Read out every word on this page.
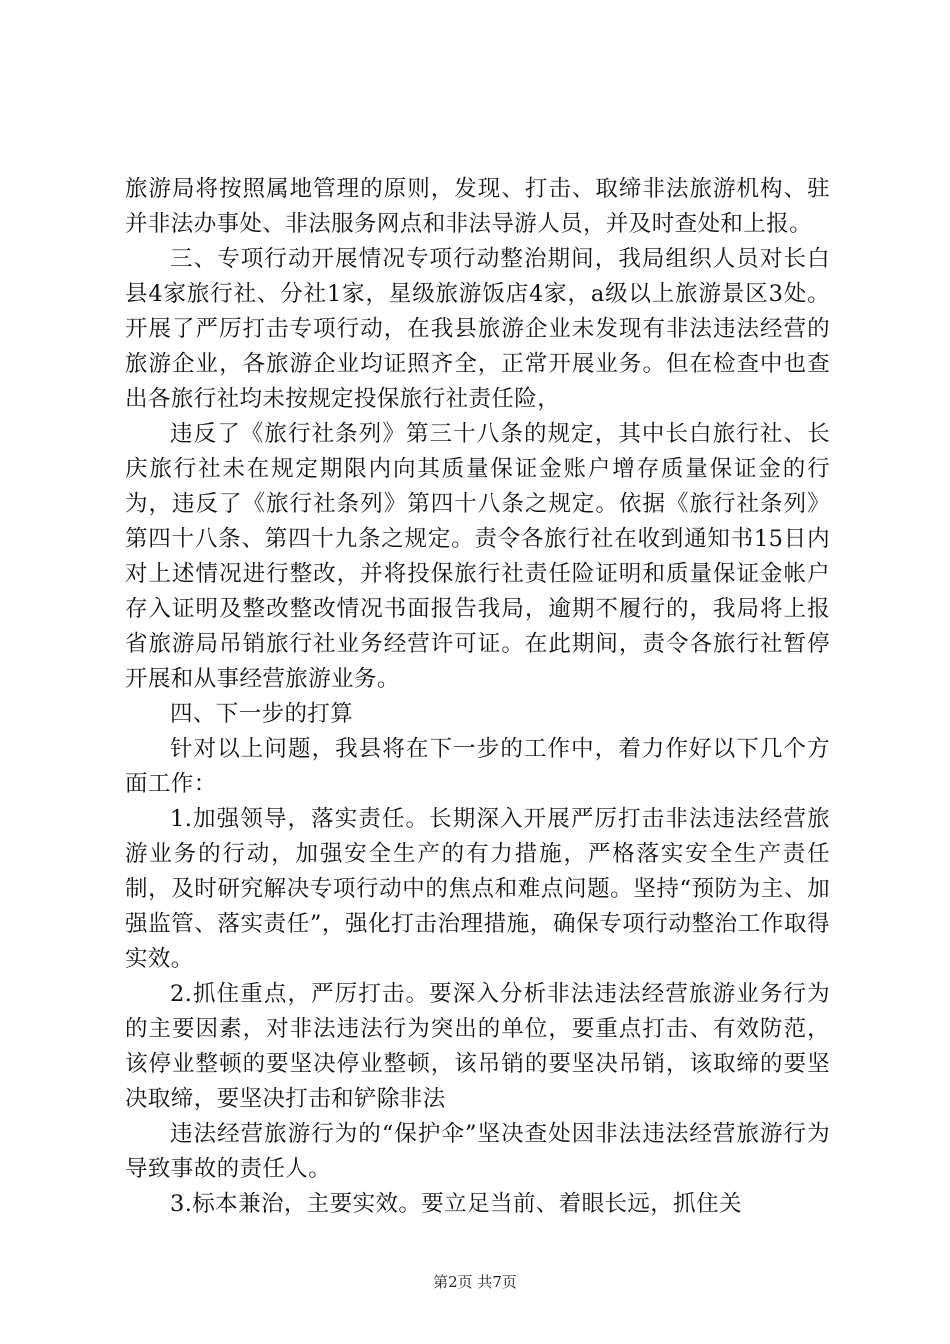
旅游局将按照属地管理的原则，发现、打击、取缔非法旅游机构、驻并非法办事处、非法服务网点和非法导游人员，并及时查处和上报。

三、专项行动开展情况专项行动整治期间，我局组织人员对长白县4家旅行社、分社1家，星级旅游饭店4家，a级以上旅游景区3处。开展了严厉打击专项行动，在我县旅游企业未发现有非法违法经营的旅游企业，各旅游企业均证照齐全，正常开展业务。但在检查中也查出各旅行社均未按规定投保旅行社责任险，

违反了《旅行社条列》第三十八条的规定，其中长白旅行社、长庆旅行社未在规定期限内向其质量保证金账户增存质量保证金的行为，违反了《旅行社条列》第四十八条之规定。依据《旅行社条列》第四十八条、第四十九条之规定。责令各旅行社在收到通知书15日内对上述情况进行整改，并将投保旅行社责任险证明和质量保证金帐户存入证明及整改整改情况书面报告我局，逾期不履行的，我局将上报省旅游局吊销旅行社业务经营许可证。在此期间，责令各旅行社暂停开展和从事经营旅游业务。

四、下一步的打算

针对以上问题，我县将在下一步的工作中，着力作好以下几个方面工作：

1.加强领导，落实责任。长期深入开展严厉打击非法违法经营旅游业务的行动，加强安全生产的有力措施，严格落实安全生产责任制，及时研究解决专项行动中的焦点和难点问题。坚持“预防为主、加强监管、落实责任”，强化打击治理措施，确保专项行动整治工作取得实效。

2.抓住重点，严厉打击。要深入分析非法违法经营旅游业务行为的主要因素，对非法违法行为突出的单位，要重点打击、有效防范，该停业整顿的要坚决停业整顿，该吊销的要坚决吊销，该取缔的要坚决取缔，要坚决打击和铲除非法

违法经营旅游行为的“保护伞”坚决查处因非法违法经营旅游行为导致事故的责任人。

3.标本兼治，主要实效。要立足当前、着眼长远，抓住关

第2页 共7页
